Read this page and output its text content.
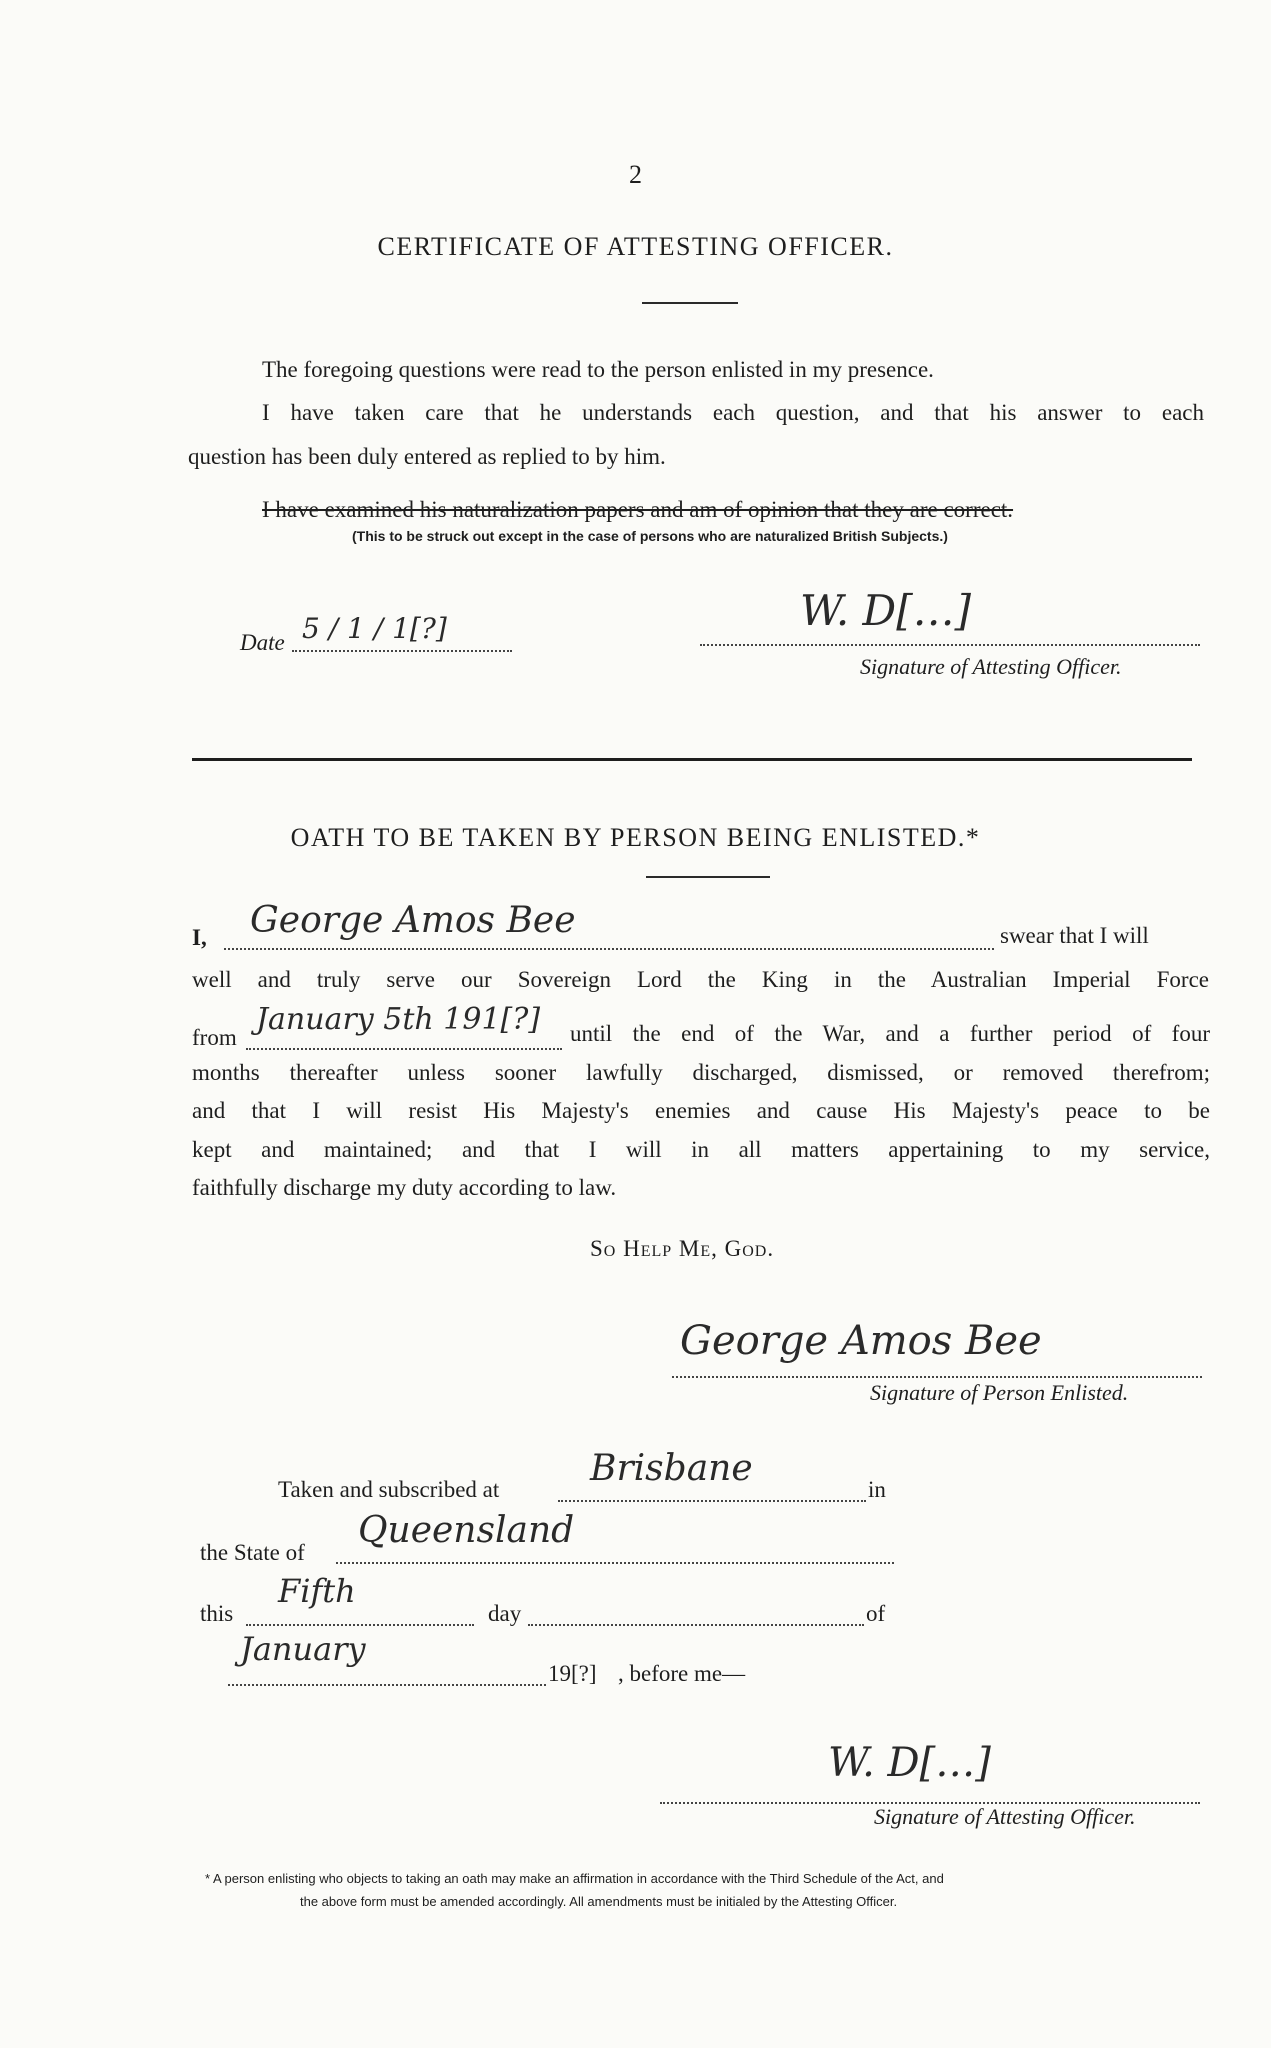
2
CERTIFICATE OF ATTESTING OFFICER.
The foregoing questions were read to the person enlisted in my presence.
I have taken care that he understands each question, and that his answer to each
question has been duly entered as replied to by him.
I have examined his naturalization papers and am of opinion that they are correct.
(This to be struck out except in the case of persons who are naturalized British Subjects.)
Date 5 / 1 / 1[?]	W. D[…]
Signature of Attesting Officer.
OATH TO BE TAKEN BY PERSON BEING ENLISTED.*
I, George Amos Bee	swear that I will
well and truly serve our Sovereign Lord the King in the Australian Imperial Force
from
January 5th 191[?] until the end of the War, and a further period of four
months thereafter unless sooner lawfully discharged, dismissed, or removed therefrom;
and that I will resist His Majesty's enemies and cause His Majesty's peace to be
kept and maintained; and that I will in all matters appertaining to my service,
faithfully discharge my duty according to law.
So Help Me, God.
George Amos Bee
Signature of Person Enlisted.
Taken and subscribed at
Brisbane
in
the State of
Queensland
this
Fifth
day	of
January
19[?] , before me—
W. D[…]
Signature of Attesting Officer.
* A person enlisting who objects to taking an oath may make an affirmation in accordance with the Third Schedule of the Act, and
the above form must be amended accordingly. All amendments must be initialed by the Attesting Officer.
